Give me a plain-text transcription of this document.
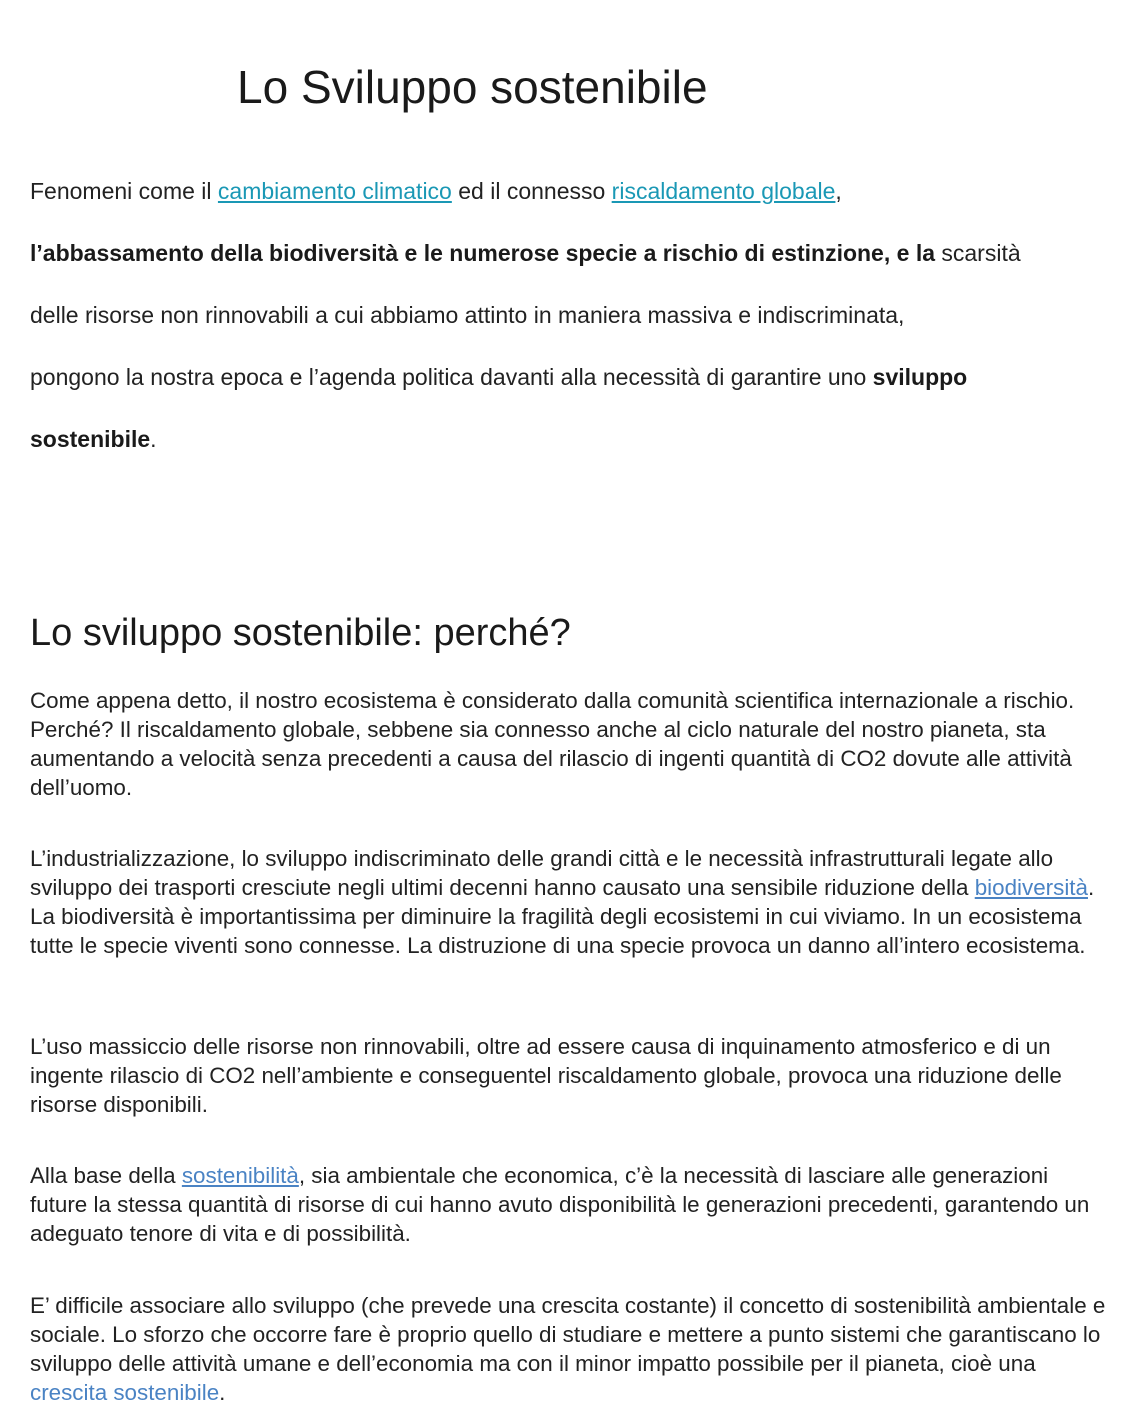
Lo Sviluppo sostenibile
Fenomeni come il cambiamento climatico ed il connesso riscaldamento globale,
l’abbassamento della biodiversità e le numerose specie a rischio di estinzione, e la scarsità
delle risorse non rinnovabili a cui abbiamo attinto in maniera massiva e indiscriminata,
pongono la nostra epoca e l’agenda politica davanti alla necessità di garantire uno sviluppo
sostenibile.
Lo sviluppo sostenibile: perché?

Come appena detto, il nostro ecosistema è considerato dalla comunità scientifica internazionale a rischio. Perché? Il riscaldamento globale, sebbene sia connesso anche al ciclo naturale del nostro pianeta, sta aumentando a velocità senza precedenti a causa del rilascio di ingenti quantità di CO2 dovute alle attività dell’uomo.

L’industrializzazione, lo sviluppo indiscriminato delle grandi città e le necessità infrastrutturali legate allo sviluppo dei trasporti cresciute negli ultimi decenni hanno causato una sensibile riduzione della biodiversità. La biodiversità è importantissima per diminuire la fragilità degli ecosistemi in cui viviamo. In un ecosistema tutte le specie viventi sono connesse. La distruzione di una specie provoca un danno all’intero ecosistema.

L’uso massiccio delle risorse non rinnovabili, oltre ad essere causa di inquinamento atmosferico e di un ingente rilascio di CO2 nell’ambiente e conseguentel riscaldamento globale, provoca una riduzione delle risorse disponibili.

Alla base della sostenibilità, sia ambientale che economica, c’è la necessità di lasciare alle generazioni future la stessa quantità di risorse di cui hanno avuto disponibilità le generazioni precedenti, garantendo un adeguato tenore di vita e di possibilità.

E’ difficile associare allo sviluppo (che prevede una crescita costante) il concetto di sostenibilità ambientale e sociale. Lo sforzo che occorre fare è proprio quello di studiare e mettere a punto sistemi che garantiscano lo sviluppo delle attività umane e dell’economia ma con il minor impatto possibile per il pianeta, cioè una crescita sostenibile.
